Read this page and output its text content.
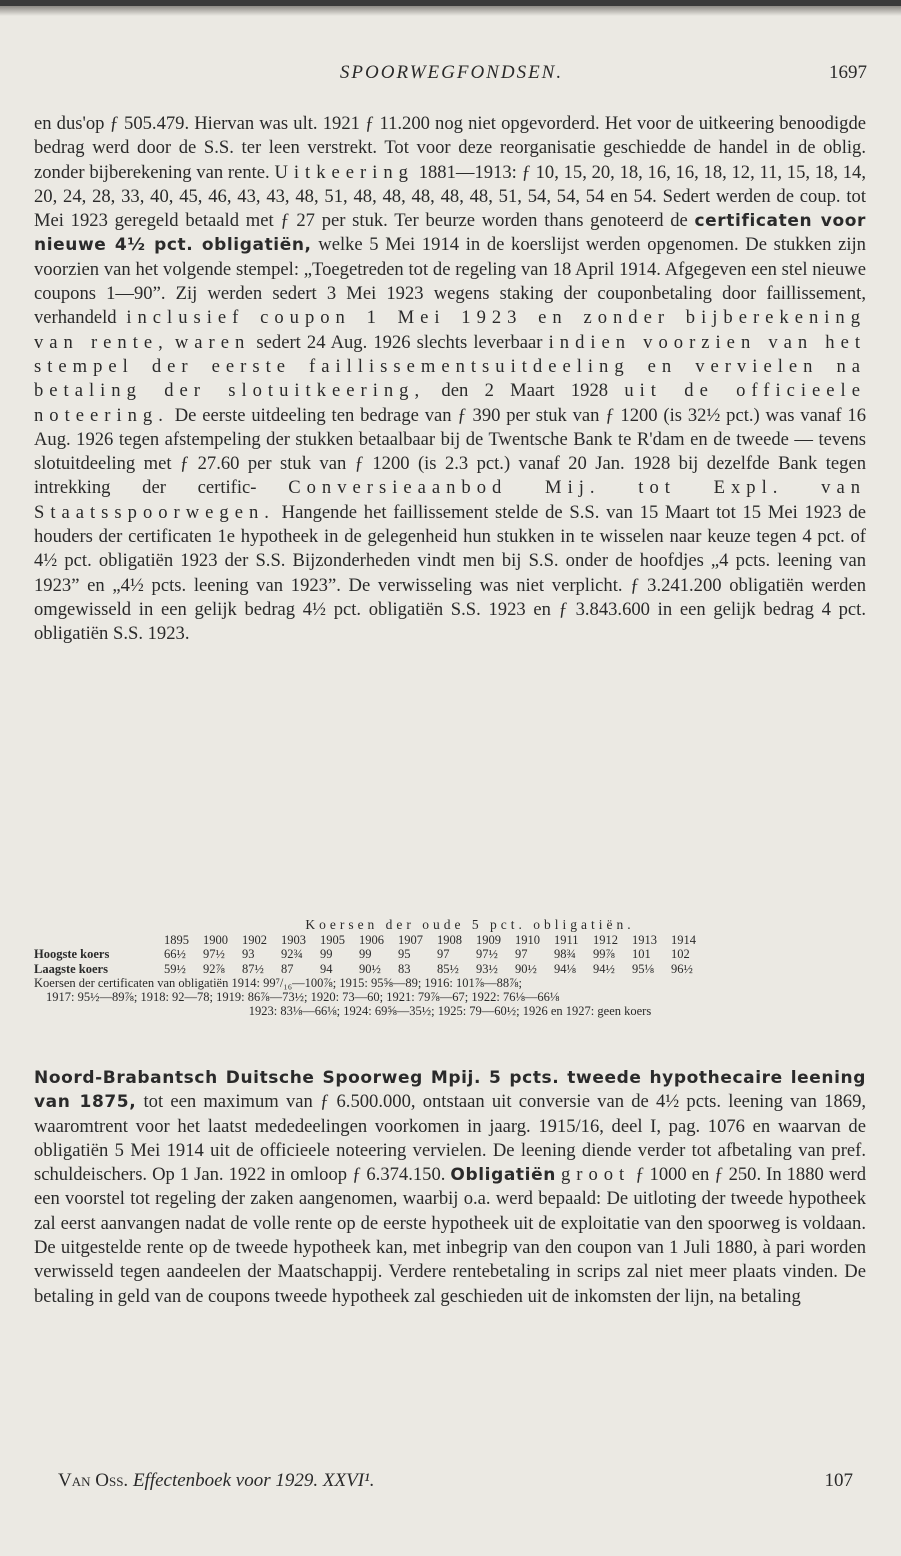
SPOORWEGFONDSEN.	1697

en dus'op ƒ 505.479. Hiervan was ult. 1921 ƒ 11.200 nog niet opgevorderd. Het voor de uitkeering benoodigde bedrag werd door de S.S. ter leen verstrekt. Tot voor deze reorganisatie geschiedde de handel in de oblig. zonder bijberekening van rente. Uitkeering 1881—1913: ƒ 10, 15, 20, 18, 16, 16, 18, 12, 11, 15, 18, 14, 20, 24, 28, 33, 40, 45, 46, 43, 43, 48, 51, 48, 48, 48, 48, 48, 51, 54, 54, 54 en 54. Sedert werden de coup. tot Mei 1923 geregeld betaald met ƒ 27 per stuk. Ter beurze worden thans genoteerd de certificaten voor nieuwe 4½ pct. obligatiën, welke 5 Mei 1914 in de koerslijst werden opgenomen. De stukken zijn voorzien van het volgende stempel: „Toegetreden tot de regeling van 18 April 1914. Afgegeven een stel nieuwe coupons 1—90”. Zij werden sedert 3 Mei 1923 wegens staking der couponbetaling door faillissement, verhandeld inclusief coupon 1 Mei 1923 en zonder bijberekening van rente, waren sedert 24 Aug. 1926 slechts leverbaar indien voorzien van het stempel der eerste faillissementsuitdeeling en vervielen na betaling der slotuitkeering, den 2 Maart 1928 uit de officieele noteering. De eerste uitdeeling ten bedrage van ƒ 390 per stuk van ƒ 1200 (is 32½ pct.) was vanaf 16 Aug. 1926 tegen afstempeling der stukken betaalbaar bij de Twentsche Bank te R'dam en de tweede — tevens slotuitdeeling met ƒ 27.60 per stuk van ƒ 1200 (is 2.3 pct.) vanaf 20 Jan. 1928 bij dezelfde Bank tegen intrekking der certific- Conversieaanbod Mij. tot Expl. van Staatsspoorwegen. Hangende het faillissement stelde de S.S. van 15 Maart tot 15 Mei 1923 de houders der certificaten 1e hypotheek in de gelegenheid hun stukken in te wisselen naar keuze tegen 4 pct. of 4½ pct. obligatiën 1923 der S.S. Bijzonderheden vindt men bij S.S. onder de hoofdjes „4 pcts. leening van 1923” en „4½ pcts. leening van 1923”. De verwisseling was niet verplicht. ƒ 3.241.200 obligatiën werden omgewisseld in een gelijk bedrag 4½ pct. obligatiën S.S. 1923 en ƒ 3.843.600 in een gelijk bedrag 4 pct. obligatiën S.S. 1923.

Koersen der oude 5 pct. obligatiën.
1895	1900	1902	1903	1905	1906	1907	1908	1909	1910	1911	1912	1913	1914
Hoogste koers	66½	97½	93	92¾	99	99	95	97	97½	97	98¾	99⅞	101	102
Laagste koers	59½	92⅞	87½	87	94	90½	83	85½	93½	90½	94⅛	94½	95⅛	96½
Koersen der certificaten van obligatiën 1914: 99⁷/₁₆—100⅞; 1915: 95⅝—89; 1916: 101⅞—88⅞;
1917: 95½—89⅞; 1918: 92—78; 1919: 86⅞—73½; 1920: 73—60; 1921: 79⅞—67; 1922: 76⅛—66⅛
1923: 83⅛—66⅛; 1924: 69⅝—35½; 1925: 79—60½; 1926 en 1927: geen koers

Noord-Brabantsch Duitsche Spoorweg Mpij. 5 pcts. tweede hypothecaire leening van 1875, tot een maximum van ƒ 6.500.000, ontstaan uit conversie van de 4½ pcts. leening van 1869, waaromtrent voor het laatst mededeelingen voorkomen in jaarg. 1915/16, deel I, pag. 1076 en waarvan de obligatiën 5 Mei 1914 uit de officieele noteering vervielen. De leening diende verder tot afbetaling van pref. schuldeischers. Op 1 Jan. 1922 in omloop ƒ 6.374.150. Obligatiën groot ƒ 1000 en ƒ 250. In 1880 werd een voorstel tot regeling der zaken aangenomen, waarbij o.a. werd bepaald: De uitloting der tweede hypotheek zal eerst aanvangen nadat de volle rente op de eerste hypotheek uit de exploitatie van den spoorweg is voldaan. De uitgestelde rente op de tweede hypotheek kan, met inbegrip van den coupon van 1 Juli 1880, à pari worden verwisseld tegen aandeelen der Maatschappij. Verdere rentebetaling in scrips zal niet meer plaats vinden. De betaling in geld van de coupons tweede hypotheek zal geschieden uit de inkomsten der lijn, na betaling

Van Oss. Effectenboek voor 1929. XXVI¹.	107
